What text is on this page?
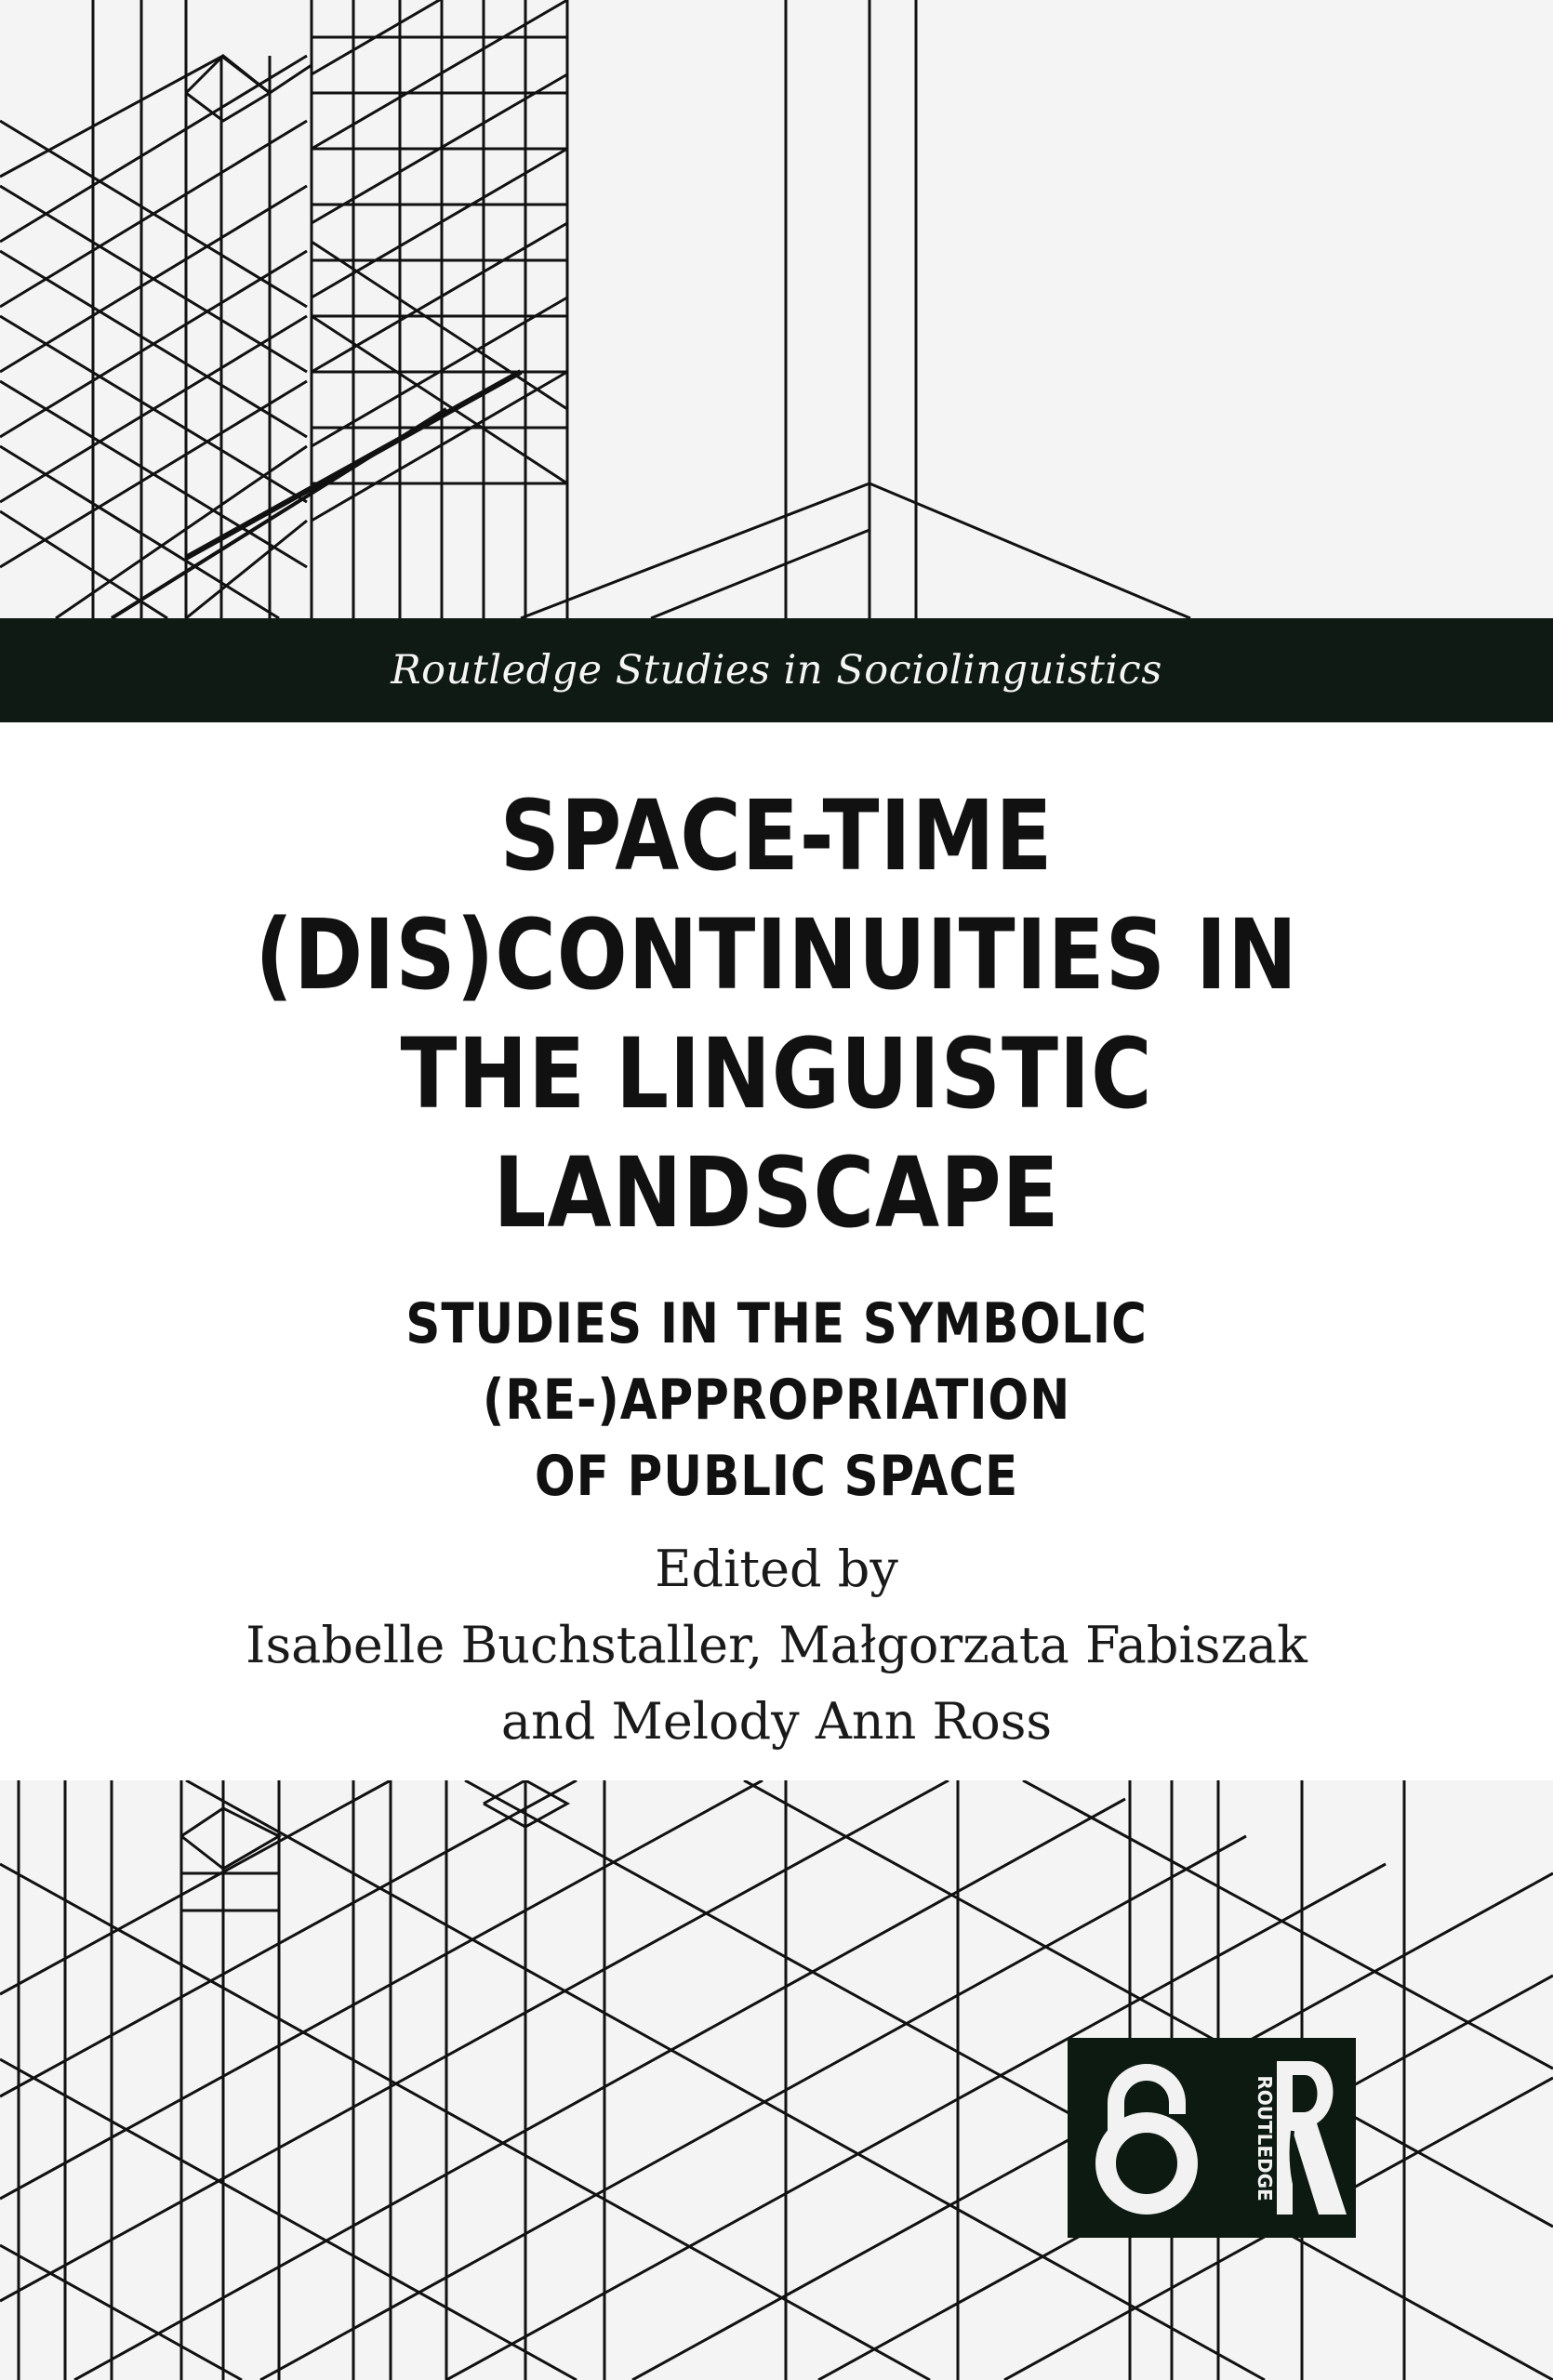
Routledge Studies in Sociolinguistics
SPACE-TIME
(DIS)CONTINUITIES IN
THE LINGUISTIC
LANDSCAPE
STUDIES IN THE SYMBOLIC (RE-)APPROPRIATION
OF PUBLIC SPACE
Edited by
Isabelle Buchstaller, Małgorzata Fabiszak
and Melody Ann Ross
ROUTLEDGE
